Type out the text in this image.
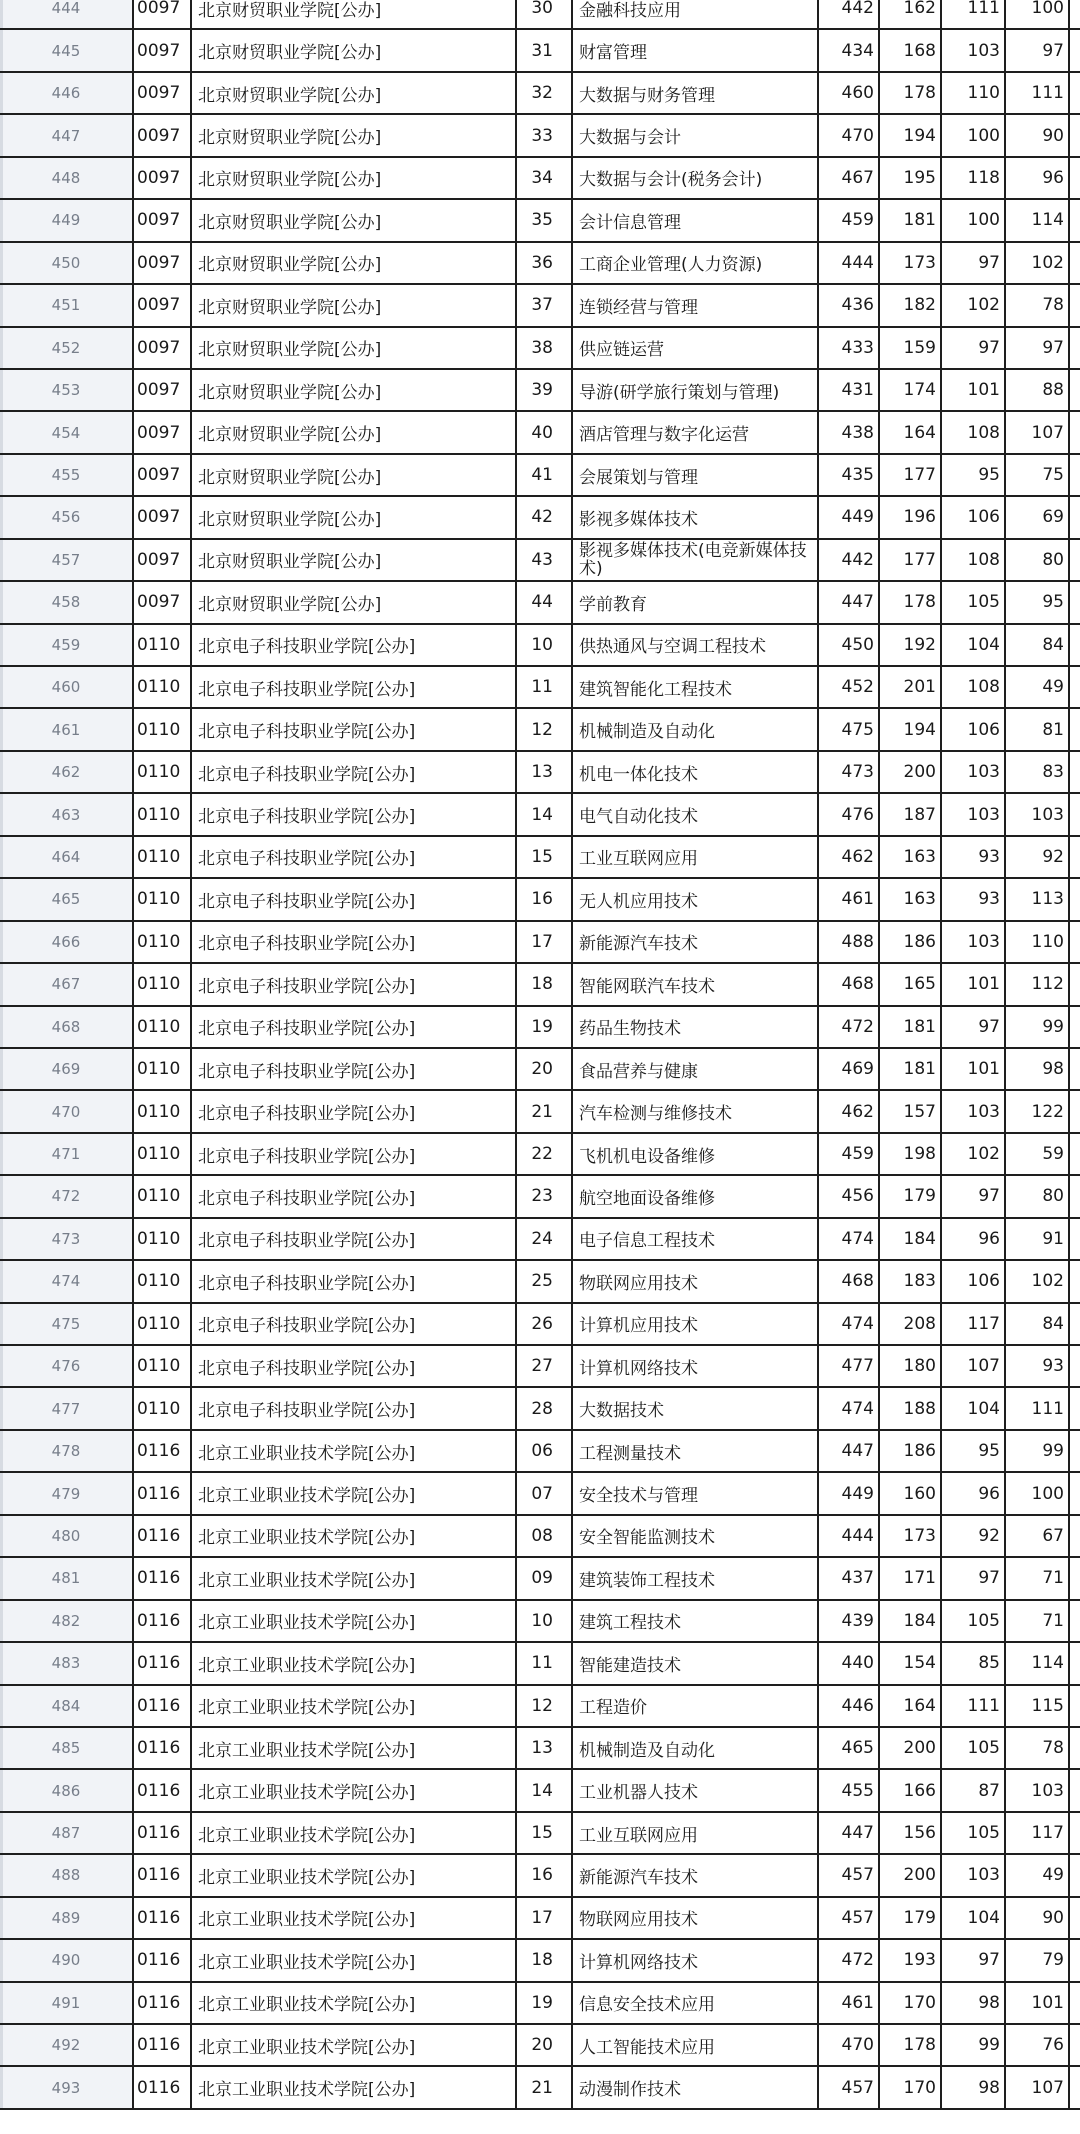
444	0097	北京财贸职业学院[公办]	30	金融科技应用	442	162	111	100
445	0097	北京财贸职业学院[公办]	31	财富管理	434	168	103	97
446	0097	北京财贸职业学院[公办]	32	大数据与财务管理	460	178	110	111
447	0097	北京财贸职业学院[公办]	33	大数据与会计	470	194	100	90
448	0097	北京财贸职业学院[公办]	34	大数据与会计(税务会计)	467	195	118	96
449	0097	北京财贸职业学院[公办]	35	会计信息管理	459	181	100	114
450	0097	北京财贸职业学院[公办]	36	工商企业管理(人力资源)	444	173	97	102
451	0097	北京财贸职业学院[公办]	37	连锁经营与管理	436	182	102	78
452	0097	北京财贸职业学院[公办]	38	供应链运营	433	159	97	97
453	0097	北京财贸职业学院[公办]	39	导游(研学旅行策划与管理)	431	174	101	88
454	0097	北京财贸职业学院[公办]	40	酒店管理与数字化运营	438	164	108	107
455	0097	北京财贸职业学院[公办]	41	会展策划与管理	435	177	95	75
456	0097	北京财贸职业学院[公办]	42	影视多媒体技术	449	196	106	69
457	0097	北京财贸职业学院[公办]	43	影视多媒体技术(电竞新媒体技术)	442	177	108	80
458	0097	北京财贸职业学院[公办]	44	学前教育	447	178	105	95
459	0110	北京电子科技职业学院[公办]	10	供热通风与空调工程技术	450	192	104	84
460	0110	北京电子科技职业学院[公办]	11	建筑智能化工程技术	452	201	108	49
461	0110	北京电子科技职业学院[公办]	12	机械制造及自动化	475	194	106	81
462	0110	北京电子科技职业学院[公办]	13	机电一体化技术	473	200	103	83
463	0110	北京电子科技职业学院[公办]	14	电气自动化技术	476	187	103	103
464	0110	北京电子科技职业学院[公办]	15	工业互联网应用	462	163	93	92
465	0110	北京电子科技职业学院[公办]	16	无人机应用技术	461	163	93	113
466	0110	北京电子科技职业学院[公办]	17	新能源汽车技术	488	186	103	110
467	0110	北京电子科技职业学院[公办]	18	智能网联汽车技术	468	165	101	112
468	0110	北京电子科技职业学院[公办]	19	药品生物技术	472	181	97	99
469	0110	北京电子科技职业学院[公办]	20	食品营养与健康	469	181	101	98
470	0110	北京电子科技职业学院[公办]	21	汽车检测与维修技术	462	157	103	122
471	0110	北京电子科技职业学院[公办]	22	飞机机电设备维修	459	198	102	59
472	0110	北京电子科技职业学院[公办]	23	航空地面设备维修	456	179	97	80
473	0110	北京电子科技职业学院[公办]	24	电子信息工程技术	474	184	96	91
474	0110	北京电子科技职业学院[公办]	25	物联网应用技术	468	183	106	102
475	0110	北京电子科技职业学院[公办]	26	计算机应用技术	474	208	117	84
476	0110	北京电子科技职业学院[公办]	27	计算机网络技术	477	180	107	93
477	0110	北京电子科技职业学院[公办]	28	大数据技术	474	188	104	111
478	0116	北京工业职业技术学院[公办]	06	工程测量技术	447	186	95	99
479	0116	北京工业职业技术学院[公办]	07	安全技术与管理	449	160	96	100
480	0116	北京工业职业技术学院[公办]	08	安全智能监测技术	444	173	92	67
481	0116	北京工业职业技术学院[公办]	09	建筑装饰工程技术	437	171	97	71
482	0116	北京工业职业技术学院[公办]	10	建筑工程技术	439	184	105	71
483	0116	北京工业职业技术学院[公办]	11	智能建造技术	440	154	85	114
484	0116	北京工业职业技术学院[公办]	12	工程造价	446	164	111	115
485	0116	北京工业职业技术学院[公办]	13	机械制造及自动化	465	200	105	78
486	0116	北京工业职业技术学院[公办]	14	工业机器人技术	455	166	87	103
487	0116	北京工业职业技术学院[公办]	15	工业互联网应用	447	156	105	117
488	0116	北京工业职业技术学院[公办]	16	新能源汽车技术	457	200	103	49
489	0116	北京工业职业技术学院[公办]	17	物联网应用技术	457	179	104	90
490	0116	北京工业职业技术学院[公办]	18	计算机网络技术	472	193	97	79
491	0116	北京工业职业技术学院[公办]	19	信息安全技术应用	461	170	98	101
492	0116	北京工业职业技术学院[公办]	20	人工智能技术应用	470	178	99	76
493	0116	北京工业职业技术学院[公办]	21	动漫制作技术	457	170	98	107
